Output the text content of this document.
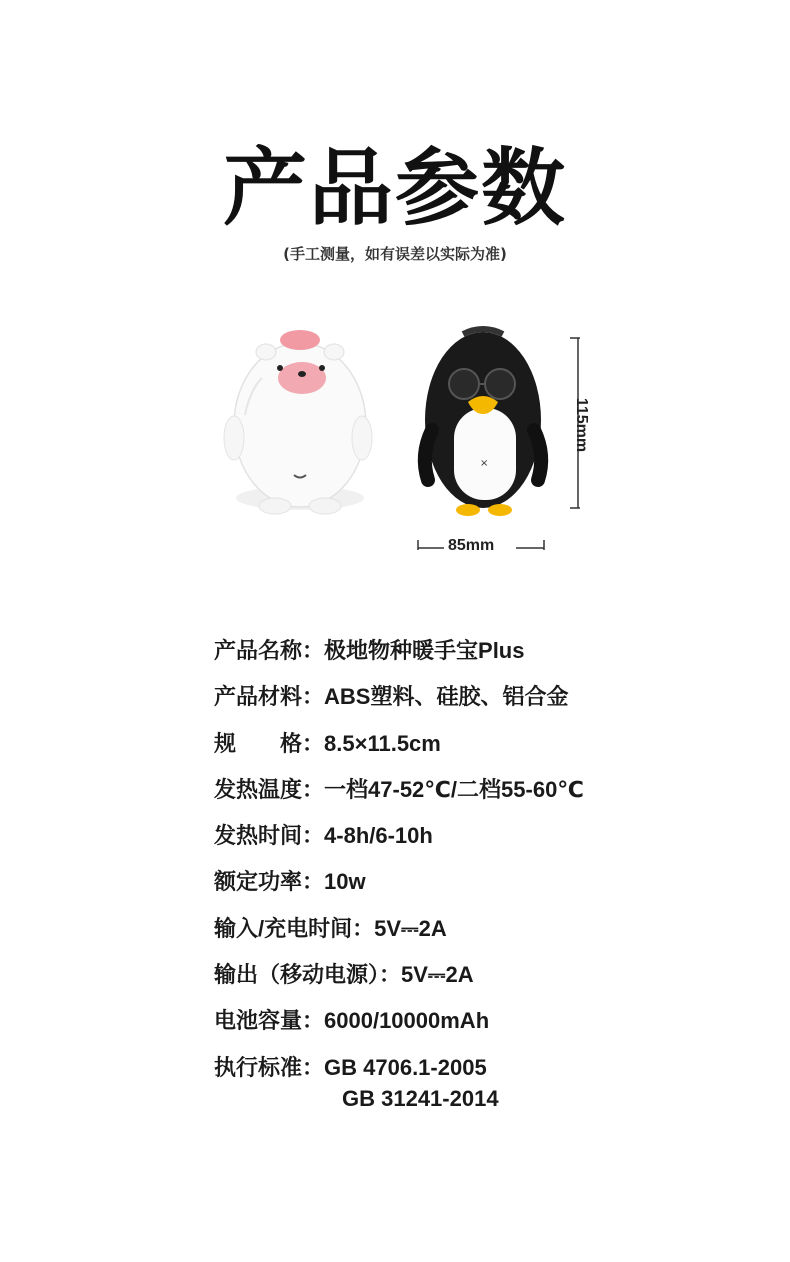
产品参数
(手工测量，如有误差以实际为准)
×
85mm
115mm
产品名称： 极地物种暖手宝Plus
产品材料： ABS塑料、硅胶、铝合金
规　　格： 8.5×11.5cm
发热温度： 一档47-52℃/二档55-60℃
发热时间： 4-8h/6-10h
额定功率： 10w
输入/充电时间： 5V⎓2A
输出（移动电源）： 5V⎓2A
电池容量： 6000/10000mAh
执行标准： GB 4706.1-2005
GB 31241-2014
